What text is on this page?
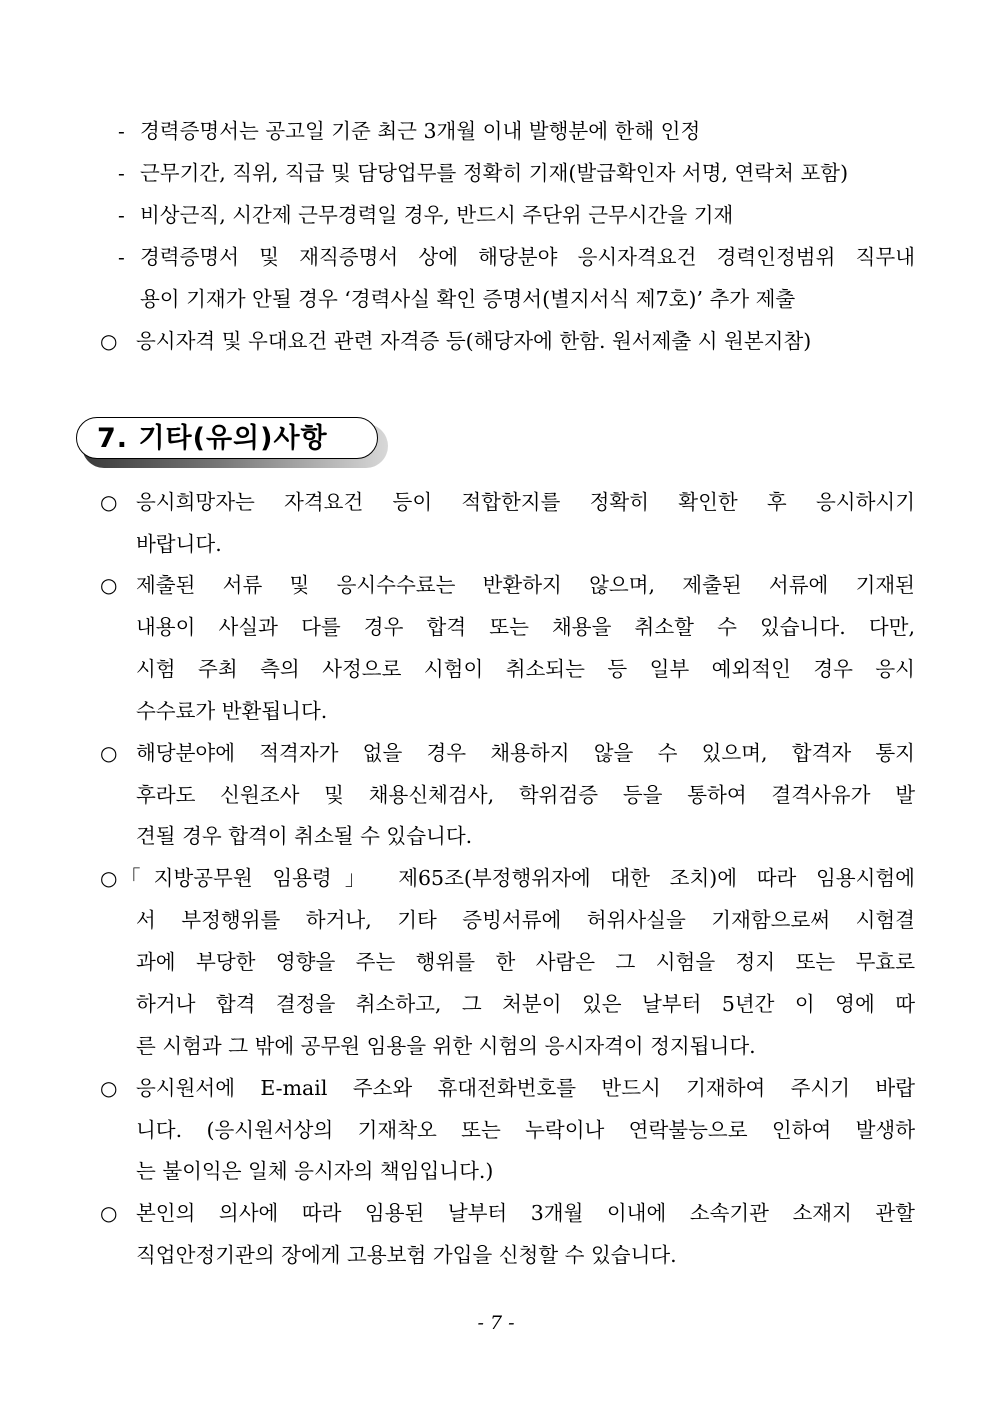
- 경력증명서는 공고일 기준 최근 3개월 이내 발행분에 한해 인정
- 근무기간, 직위, 직급 및 담당업무를 정확히 기재(발급확인자 서명, 연락처 포함)
- 비상근직, 시간제 근무경력일 경우, 반드시 주단위 근무시간을 기재
- 경력증명서 및 재직증명서 상에 해당분야 응시자격요건 경력인정범위 직무내
용이 기재가 안될 경우 ‘경력사실 확인 증명서(별지서식 제7호)’ 추가 제출
○ 응시자격 및 우대요건 관련 자격증 등(해당자에 한함. 원서제출 시 원본지참)
7. 기타(유의)사항
○ 응시희망자는 자격요건 등이 적합한지를 정확히 확인한 후 응시하시기
바랍니다.
○ 제출된 서류 및 응시수수료는 반환하지 않으며, 제출된 서류에 기재된
내용이 사실과 다를 경우 합격 또는 채용을 취소할 수 있습니다. 다만,
시험 주최 측의 사정으로 시험이 취소되는 등 일부 예외적인 경우 응시
수수료가 반환됩니다.
○ 해당분야에 적격자가 없을 경우 채용하지 않을 수 있으며, 합격자 통지
후라도 신원조사 및 채용신체검사, 학위검증 등을 통하여 결격사유가 발
견될 경우 합격이 취소될 수 있습니다.
○ 「지방공무원 임용령」 제65조(부정행위자에 대한 조치)에 따라 임용시험에
서 부정행위를 하거나, 기타 증빙서류에 허위사실을 기재함으로써 시험결
과에 부당한 영향을 주는 행위를 한 사람은 그 시험을 정지 또는 무효로
하거나 합격 결정을 취소하고, 그 처분이 있은 날부터 5년간 이 영에 따
른 시험과 그 밖에 공무원 임용을 위한 시험의 응시자격이 정지됩니다.
○ 응시원서에 E-mail 주소와 휴대전화번호를 반드시 기재하여 주시기 바랍
니다. (응시원서상의 기재착오 또는 누락이나 연락불능으로 인하여 발생하
는 불이익은 일체 응시자의 책임입니다.)
○ 본인의 의사에 따라 임용된 날부터 3개월 이내에 소속기관 소재지 관할
직업안정기관의 장에게 고용보험 가입을 신청할 수 있습니다.
- 7 -
